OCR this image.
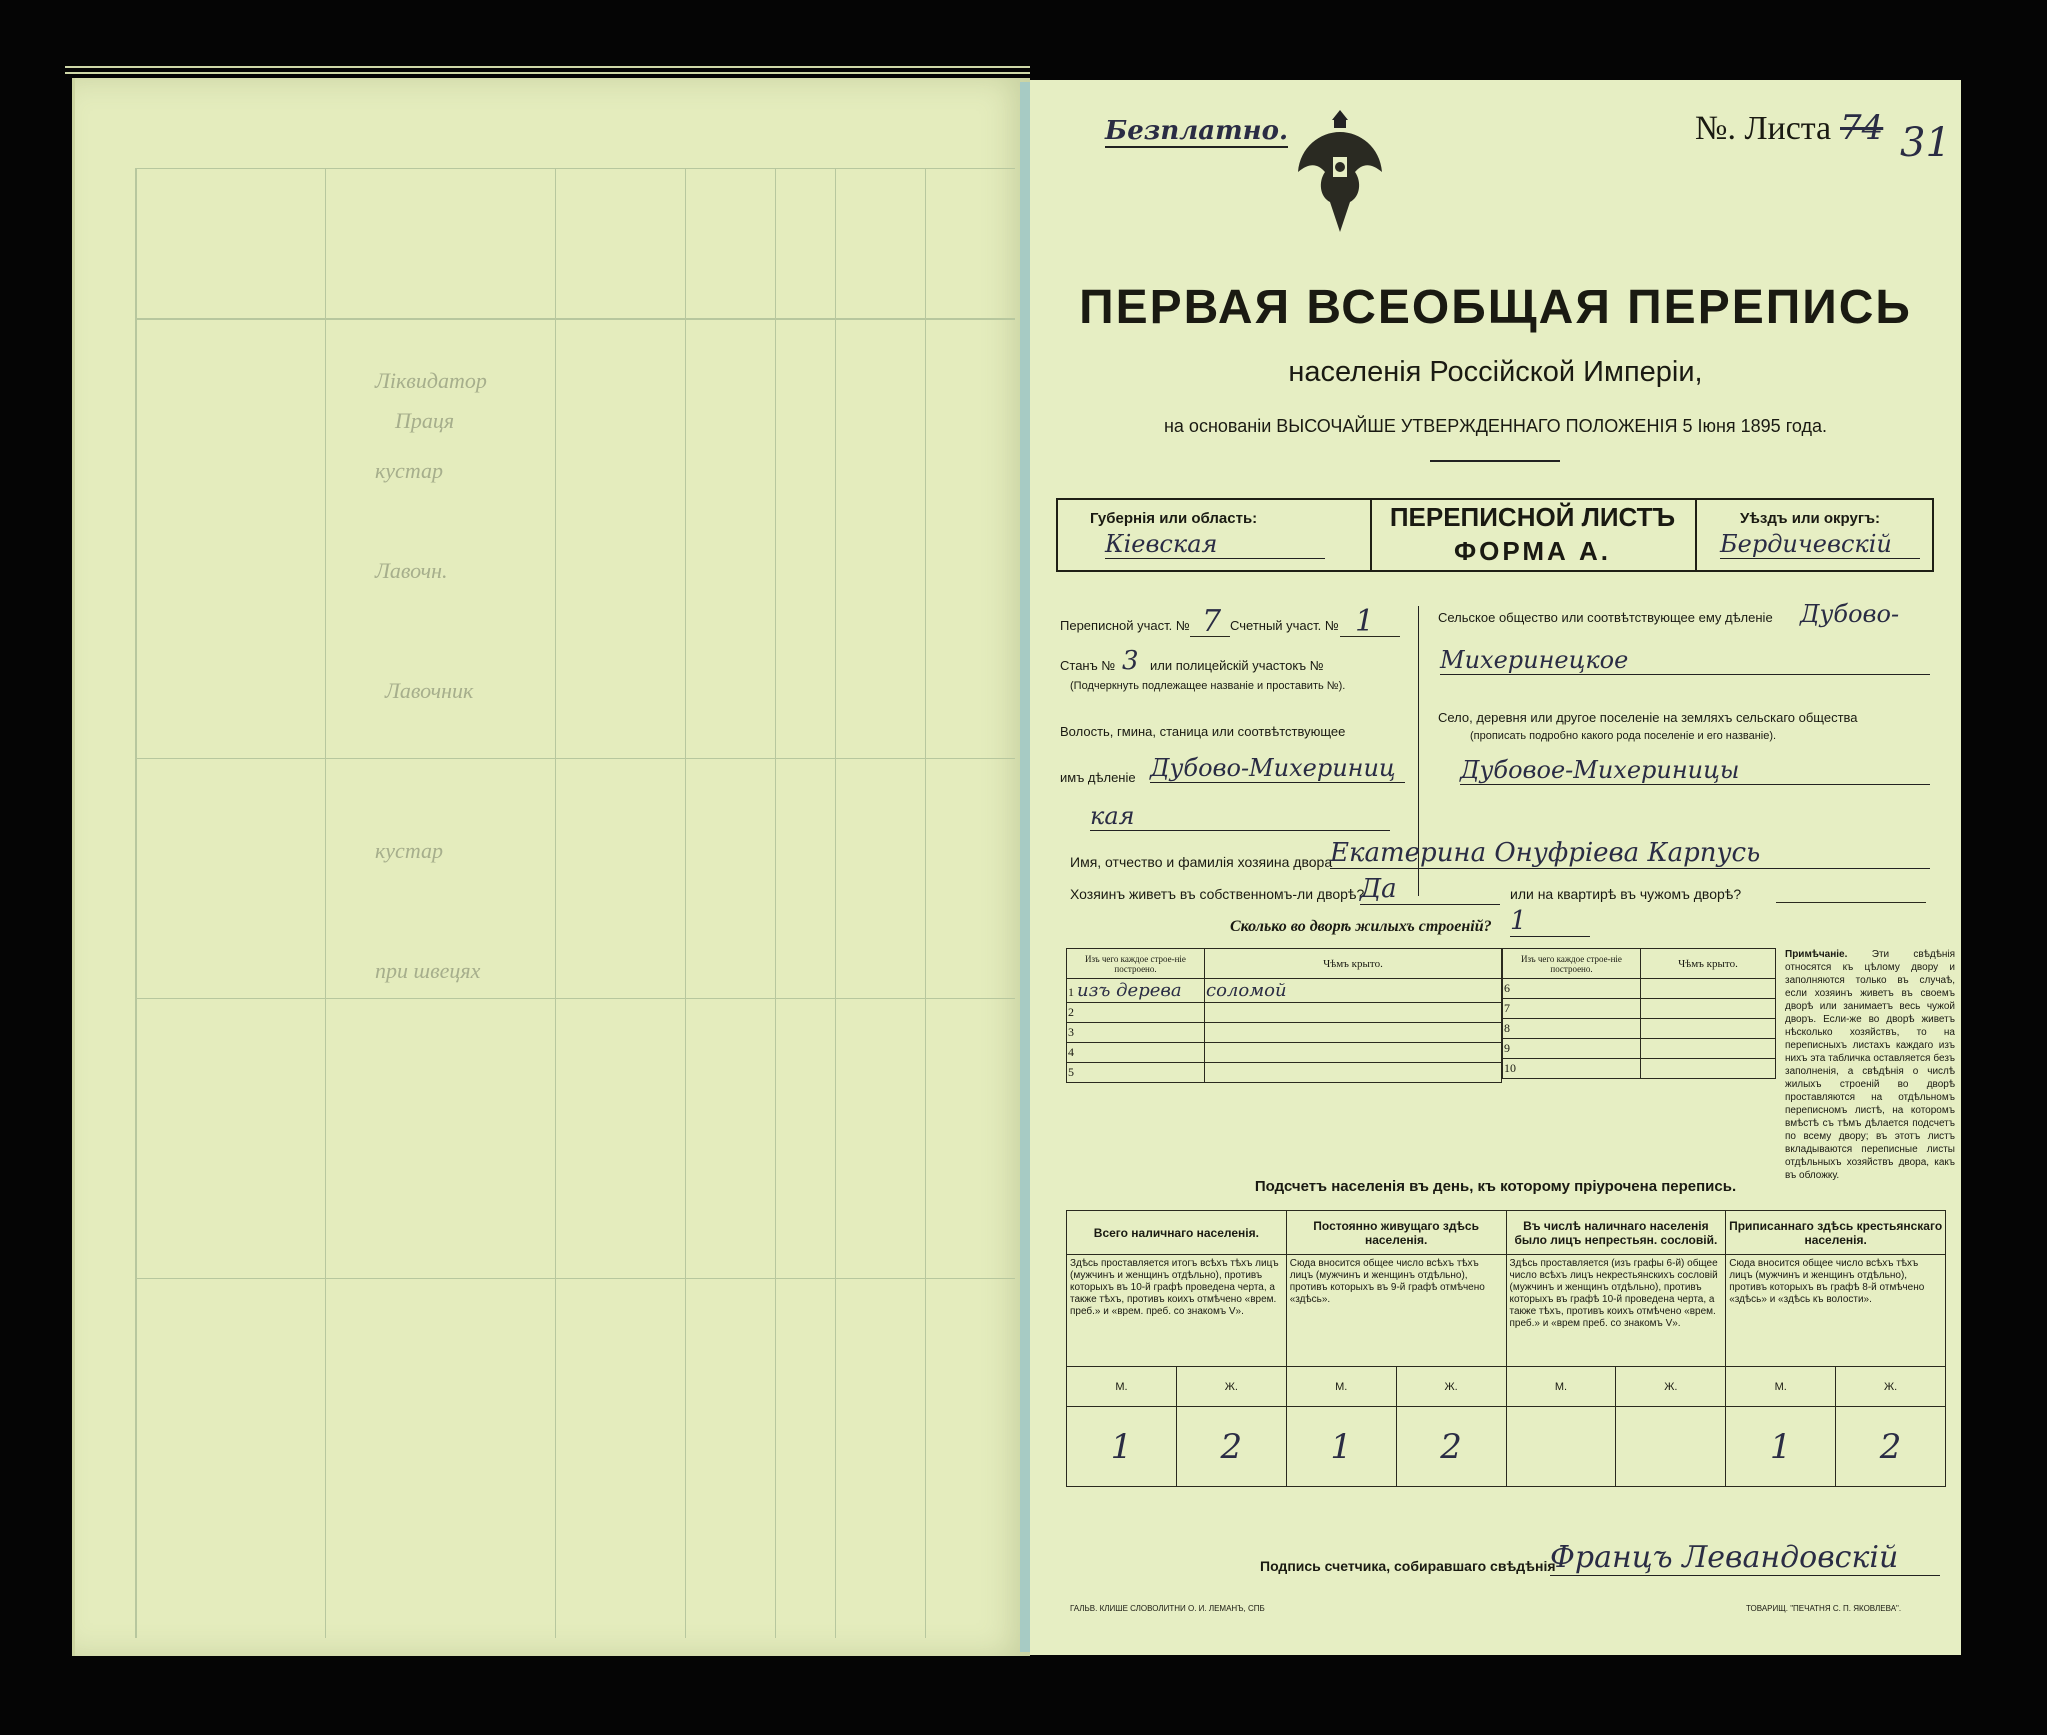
Ліквидатор
Праця
кустар
Лавочн.
Лавочник
кустар
при швецях
Безплатно.	№. Листа 74 31
ПЕРВАЯ ВСЕОБЩАЯ ПЕРЕПИСЬ
населенія Россійской Имперіи,
на основаніи ВЫСОЧАЙШЕ УТВЕРЖДЕННАГО ПОЛОЖЕНІЯ 5 Іюня 1895 года.
Губернія или область:
Кіевская
ПЕРЕПИСНОЙ ЛИСТЪ
ФОРМА А.
Уѣздъ или округъ:
Бердичевскій
Переписной участ. № 7 Счетный участ. № 1
Станъ № 3 или полицейскій участокъ №
(Подчеркнуть подлежащее названіе и проставить №).
Волость, гмина, станица или соотвѣтствующее
имъ дѣленіе Дубово-Михериниц
кая
Сельское общество или соотвѣтствующее ему дѣленіе Дубово-
Михеринецкое
Село, деревня или другое поселеніе на земляхъ сельскаго общества
(прописать подробно какого рода поселеніе и его названіе).
Дубовое-Михериницы
Имя, отчество и фамилія хозяина двора
Екатерина Онуфріева Карпусь
Хозяинъ живетъ въ собственномъ-ли дворѣ?
Да	или на квартирѣ въ чужомъ дворѣ?
Сколько во дворѣ жилыхъ строеній? 1
Изъ чего каждое строе-ніе построено.	Чѣмъ крыто.
1 изъ дерева	соломой
2	
3	
4	
5	
Изъ чего каждое строе-ніе построено.	Чѣмъ крыто.
6	
7	
8	
9	
10	
Примѣчаніе. Эти свѣдѣнія относятся къ цѣлому двору и заполняются только въ случаѣ, если хозяинъ живетъ въ своемъ дворѣ или занимаетъ весь чужой дворъ. Если-же во дворѣ живетъ нѣсколько хозяйствъ, то на переписныхъ листахъ каждаго изъ нихъ эта табличка оставляется безъ заполненія, а свѣдѣнія о числѣ жилыхъ строеній во дворѣ проставляются на отдѣльномъ переписномъ листѣ, на которомъ вмѣстѣ съ тѣмъ дѣлается подсчетъ по всему двору; въ этотъ листъ вкладываются переписные листы отдѣльныхъ хозяйствъ двора, какъ въ обложку.
Подсчетъ населенія въ день, къ которому пріурочена перепись.
Всего наличнаго населенія.		Постоянно живущаго здѣсь населенія.		Въ числѣ наличнаго населенія было лицъ непрестьян. сословій.		Приписаннаго здѣсь крестьянскаго населенія.	
Здѣсь проставляется итогъ всѣхъ тѣхъ лицъ (мужчинъ и женщинъ отдѣльно), противъ которыхъ въ 10-й графѣ проведена черта, а также тѣхъ, противъ коихъ отмѣчено «врем. преб.» и «врем. преб. со знакомъ V».		Сюда вносится общее число всѣхъ тѣхъ лицъ (мужчинъ и женщинъ отдѣльно), противъ которыхъ въ 9-й графѣ отмѣчено «здѣсь».		Здѣсь проставляется (изъ графы 6-й) общее число всѣхъ лицъ некрестьянскихъ сословій (мужчинъ и женщинъ отдѣльно), противъ которыхъ въ графѣ 10-й проведена черта, а также тѣхъ, противъ коихъ отмѣчено «врем. преб.» и «врем преб. со знакомъ V».		Сюда вносится общее число всѣхъ тѣхъ лицъ (мужчинъ и женщинъ отдѣльно), противъ которыхъ въ графѣ 8-й отмѣчено «здѣсь» и «здѣсь къ волости».	
М.	Ж.	М.	Ж.	М.	Ж.	М.	Ж.
1	2	1	2			1	2
Подпись счетчика, собиравшаго свѣдѣнія
Францъ Левандовскій
ГАЛЬВ. КЛИШЕ СЛОВОЛИТНИ О. И. ЛЕМАНЪ, СПБ	ТОВАРИЩ. "ПЕЧАТНЯ С. П. ЯКОВЛЕВА".
